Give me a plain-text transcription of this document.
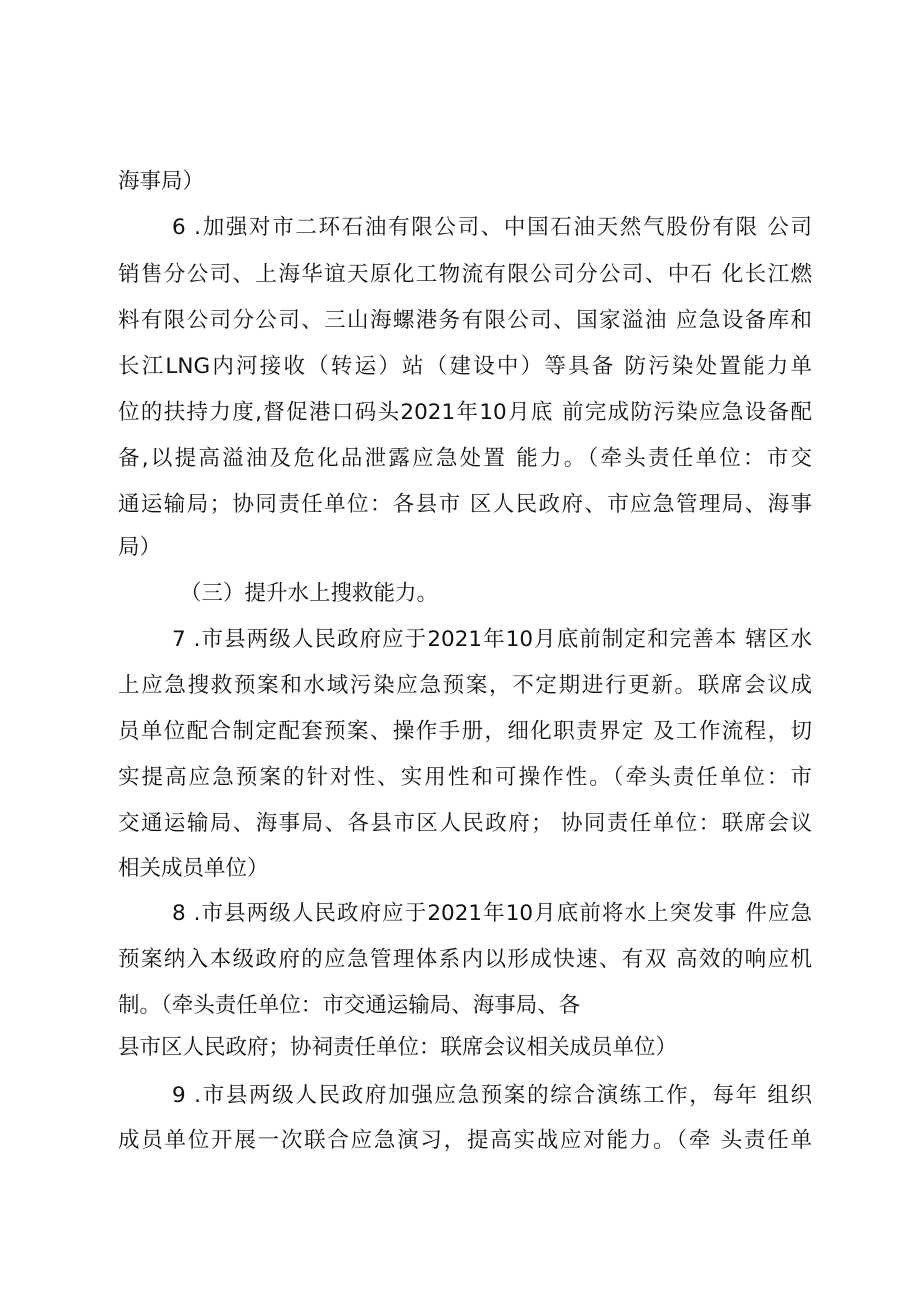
海事局）
6 .加强对市二环石油有限公司、中国石油天然气股份有限 公司
销售分公司、上海华谊天原化工物流有限公司分公司、中石 化长江燃
料有限公司分公司、三山海螺港务有限公司、国家溢油 应急设备库和
长江LNG内河接收（转运）站（建设中）等具备 防污染处置能力单
位的扶持力度,督促港口码头2021年10月底 前完成防污染应急设备配
备,以提高溢油及危化品泄露应急处置 能力。（牵头责任单位：市交
通运输局；协同责任单位：各县市 区人民政府、市应急管理局、海事
局）
（三）提升水上搜救能力。
7 .市县两级人民政府应于2021年10月底前制定和完善本 辖区水
上应急搜救预案和水域污染应急预案，不定期进行更新。联席会议成
员单位配合制定配套预案、操作手册，细化职责界定 及工作流程，切
实提高应急预案的针对性、实用性和可操作性。（牵头责任单位：市
交通运输局、海事局、各县市区人民政府； 协同责任单位：联席会议
相关成员单位）
8 .市县两级人民政府应于2021年10月底前将水上突发事 件应急
预案纳入本级政府的应急管理体系内以形成快速、有双 高效的响应机
制。（牵头责任单位：市交通运输局、海事局、各
县市区人民政府；协祠责任单位：联席会议相关成员单位）
9 .市县两级人民政府加强应急预案的综合演练工作，每年 组织
成员单位开展一次联合应急演习，提高实战应对能力。（牵 头责任单
